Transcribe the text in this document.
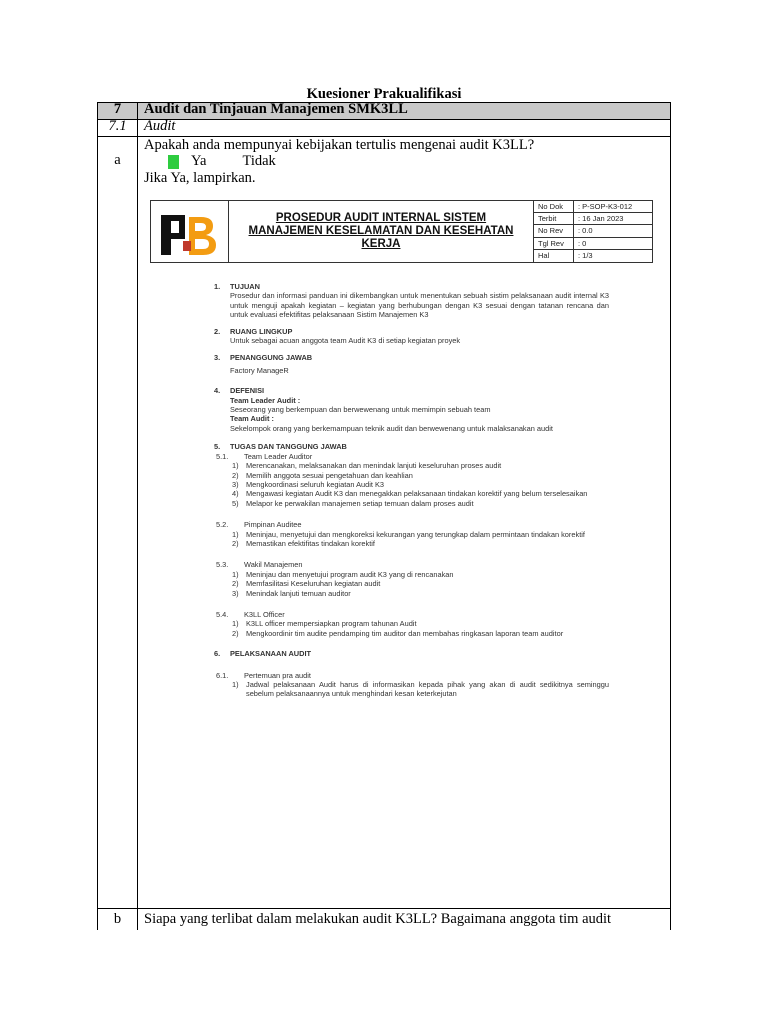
Kuesioner Prakualifikasi
7	Audit dan Tinjauan Manajemen SMK3LL
7.1	Audit
a
Apakah anda mempunyai kebijakan tertulis mengenai audit K3LL?
Ya Tidak
Jika Ya, lampirkan.
PROSEDUR AUDIT INTERNAL SISTEM
MANAJEMEN KESELAMATAN DAN KESEHATAN
KERJA
No Dok	: P-SOP-K3-012
Terbit	: 16 Jan 2023
No Rev	: 0.0
Tgl Rev	: 0
Hal	: 1/3
1.	TUJUAN
Prosedur dan informasi panduan ini dikembangkan untuk menentukan sebuah sistim pelaksanaan audit internal K3 untuk menguji apakah kegiatan – kegiatan yang berhubungan dengan K3 sesuai dengan tatanan rencana dan untuk evaluasi efektifitas pelaksanaan Sistim Manajemen K3
2.	RUANG LINGKUP
Untuk sebagai acuan anggota team Audit K3 di setiap kegiatan proyek
3.	PENANGGUNG JAWAB
Factory ManageR
4.	DEFENISI
Team Leader Audit :
Seseorang yang berkempuan dan berwewenang untuk memimpin sebuah team
Team Audit :
Sekelompok orang yang berkemampuan teknik audit dan berwewenang untuk malaksanakan audit
5.	TUGAS DAN TANGGUNG JAWAB
5.1.	Team Leader Auditor
1)	Merencanakan, melaksanakan dan menindak lanjuti keseluruhan proses audit
2)	Memilih anggota sesuai pengetahuan dan keahlian
3)	Mengkoordinasi seluruh kegiatan Audit K3
4)	Mengawasi kegiatan Audit K3 dan menegakkan pelaksanaan tindakan korektif yang belum terselesaikan
5)	Melapor ke perwakilan manajemen setiap temuan dalam proses audit
5.2.	Pimpinan Auditee
1)	Meninjau, menyetujui dan mengkoreksi kekurangan yang terungkap dalam permintaan tindakan korektif
2)	Memastikan efektifitas tindakan korektif
5.3.	Wakil Manajemen
1)	Meninjau dan menyetujui program audit K3 yang di rencanakan
2)	Memfasilitasi Keseluruhan kegiatan audit
3)	Menindak lanjuti temuan auditor
5.4.	K3LL Officer
1)	K3LL officer mempersiapkan program tahunan Audit
2)	Mengkoordinir tim audite pendamping tim auditor dan membahas ringkasan laporan team auditor
6.	PELAKSANAAN AUDIT
6.1.	Pertemuan pra audit
1)	Jadwal pelaksanaan Audit harus di informasikan kepada pihak yang akan di audit sedikitnya seminggu sebelum pelaksanaannya untuk menghindari kesan keterkejutan
b	Siapa yang terlibat dalam melakukan audit K3LL? Bagaimana anggota tim audit
